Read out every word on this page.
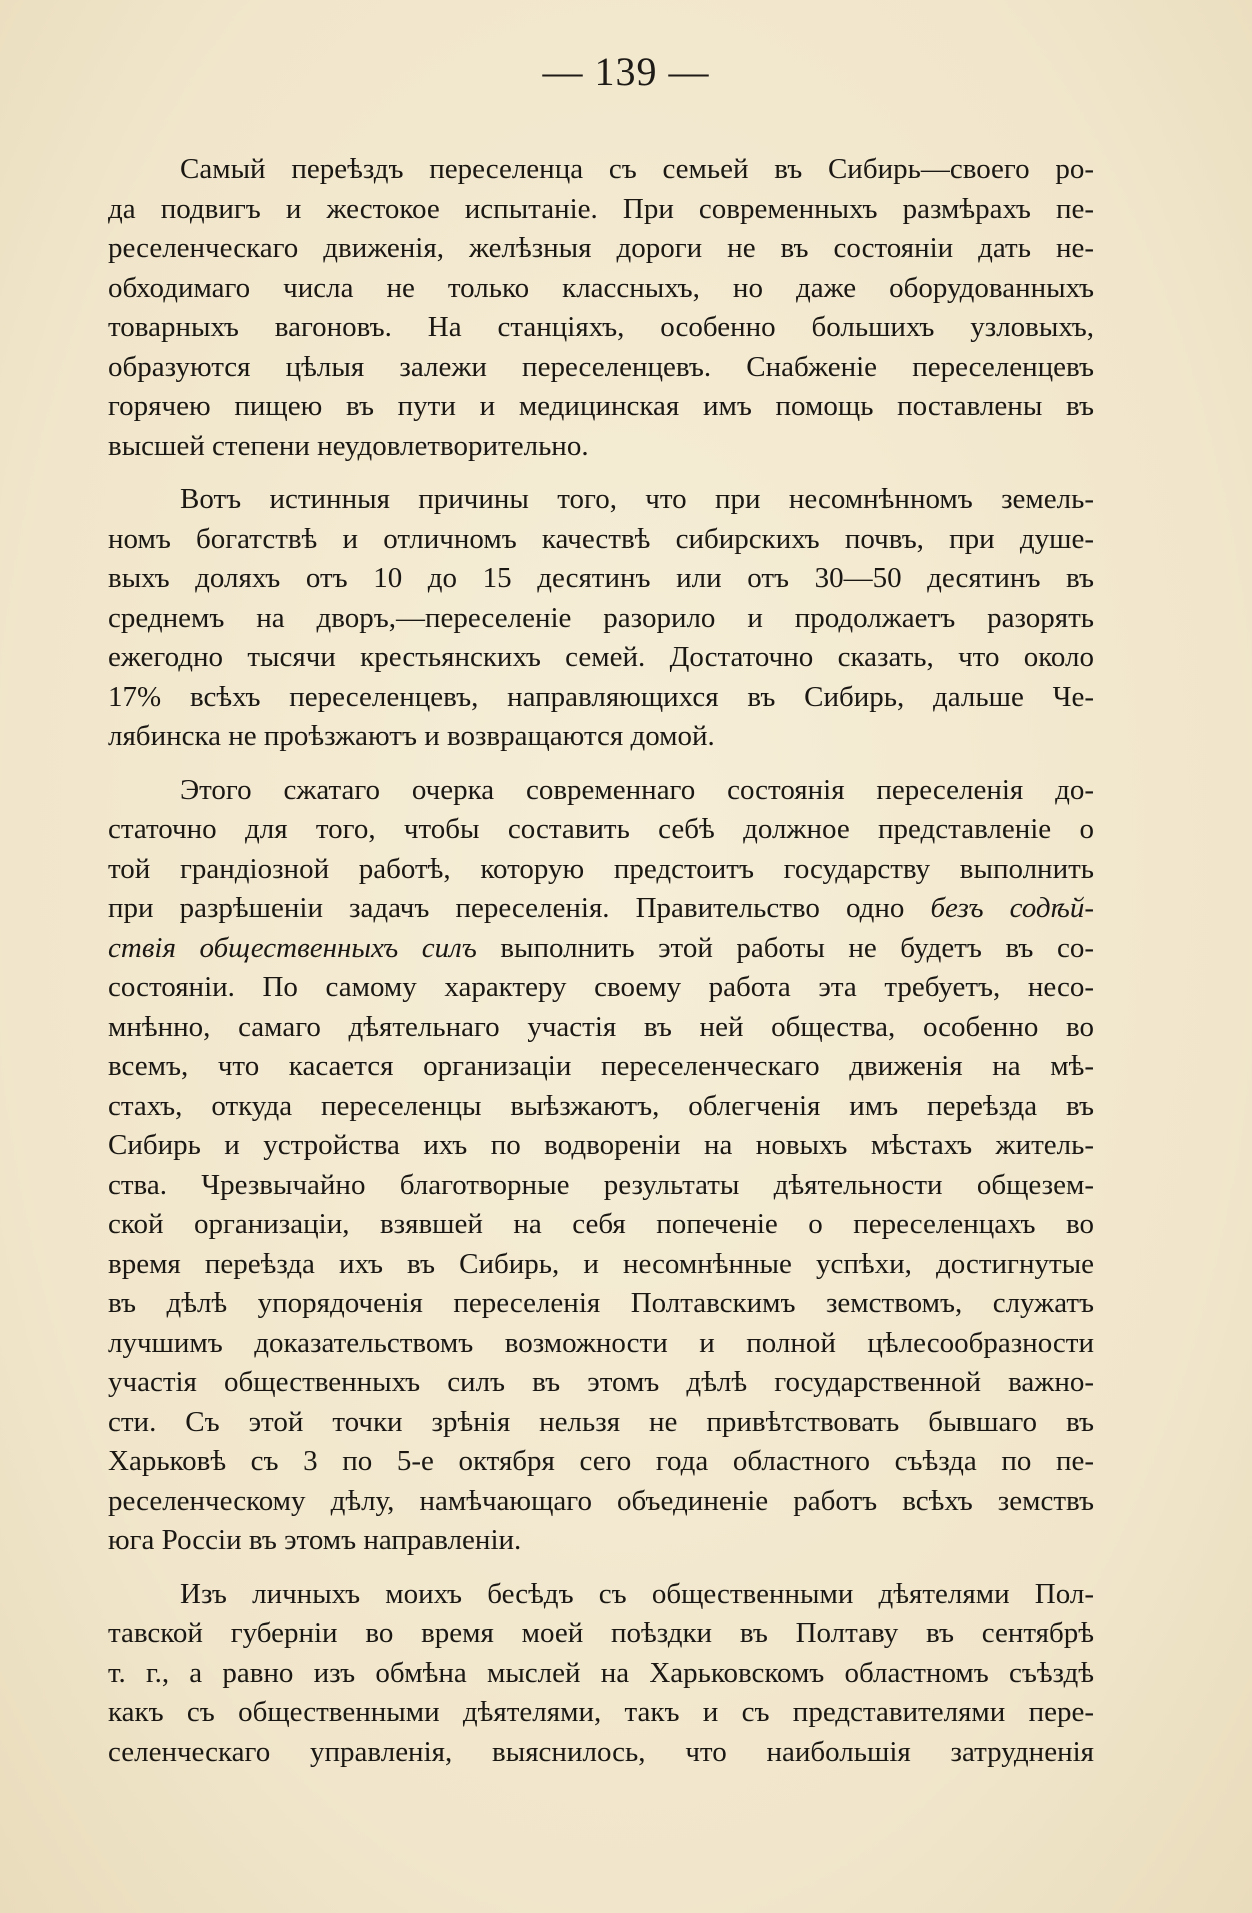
— 139 —
Самый переѣздъ переселенца съ семьей въ Сибирь—своего ро-
да подвигъ и жестокое испытаніе. При современныхъ размѣрахъ пе-
реселенческаго движенія, желѣзныя дороги не въ состояніи дать не-
обходимаго числа не только классныхъ, но даже оборудованныхъ
товарныхъ вагоновъ. На станціяхъ, особенно большихъ узловыхъ,
образуются цѣлыя залежи переселенцевъ. Снабженіе переселенцевъ
горячею пищею въ пути и медицинская имъ помощь поставлены въ
высшей степени неудовлетворительно.
Вотъ истинныя причины того, что при несомнѣнномъ земель-
номъ богатствѣ и отличномъ качествѣ сибирскихъ почвъ, при душе-
выхъ доляхъ отъ 10 до 15 десятинъ или отъ 30—50 десятинъ въ
среднемъ на дворъ,—переселеніе разорило и продолжаетъ разорять
ежегодно тысячи крестьянскихъ семей. Достаточно сказать, что около
17% всѣхъ переселенцевъ, направляющихся въ Сибирь, дальше Че-
лябинска не проѣзжаютъ и возвращаются домой.
Этого сжатаго очерка современнаго состоянія переселенія до-
статочно для того, чтобы составить себѣ должное представленіе о
той грандіозной работѣ, которую предстоитъ государству выполнить
при разрѣшеніи задачъ переселенія. Правительство одно безъ содѣй-
ствія общественныхъ силъ выполнить этой работы не будетъ въ со-
состояніи. По самому характеру своему работа эта требуетъ, несо-
мнѣнно, самаго дѣятельнаго участія въ ней общества, особенно во
всемъ, что касается организаціи переселенческаго движенія на мѣ-
стахъ, откуда переселенцы выѣзжаютъ, облегченія имъ переѣзда въ
Сибирь и устройства ихъ по водвореніи на новыхъ мѣстахъ житель-
ства. Чрезвычайно благотворные результаты дѣятельности общезем-
ской организаціи, взявшей на себя попеченіе о переселенцахъ во
время переѣзда ихъ въ Сибирь, и несомнѣнные успѣхи, достигнутые
въ дѣлѣ упорядоченія переселенія Полтавскимъ земствомъ, служатъ
лучшимъ доказательствомъ возможности и полной цѣлесообразности
участія общественныхъ силъ въ этомъ дѣлѣ государственной важно-
сти. Съ этой точки зрѣнія нельзя не привѣтствовать бывшаго въ
Харьковѣ съ 3 по 5-е октября сего года областного съѣзда по пе-
реселенческому дѣлу, намѣчающаго объединеніе работъ всѣхъ земствъ
юга Россіи въ этомъ направленіи.
Изъ личныхъ моихъ бесѣдъ съ общественными дѣятелями Пол-
тавской губерніи во время моей поѣздки въ Полтаву въ сентябрѣ
т. г., а равно изъ обмѣна мыслей на Харьковскомъ областномъ съѣздѣ
какъ съ общественными дѣятелями, такъ и съ представителями пере-
селенческаго управленія, выяснилось, что наибольшія затрудненія
